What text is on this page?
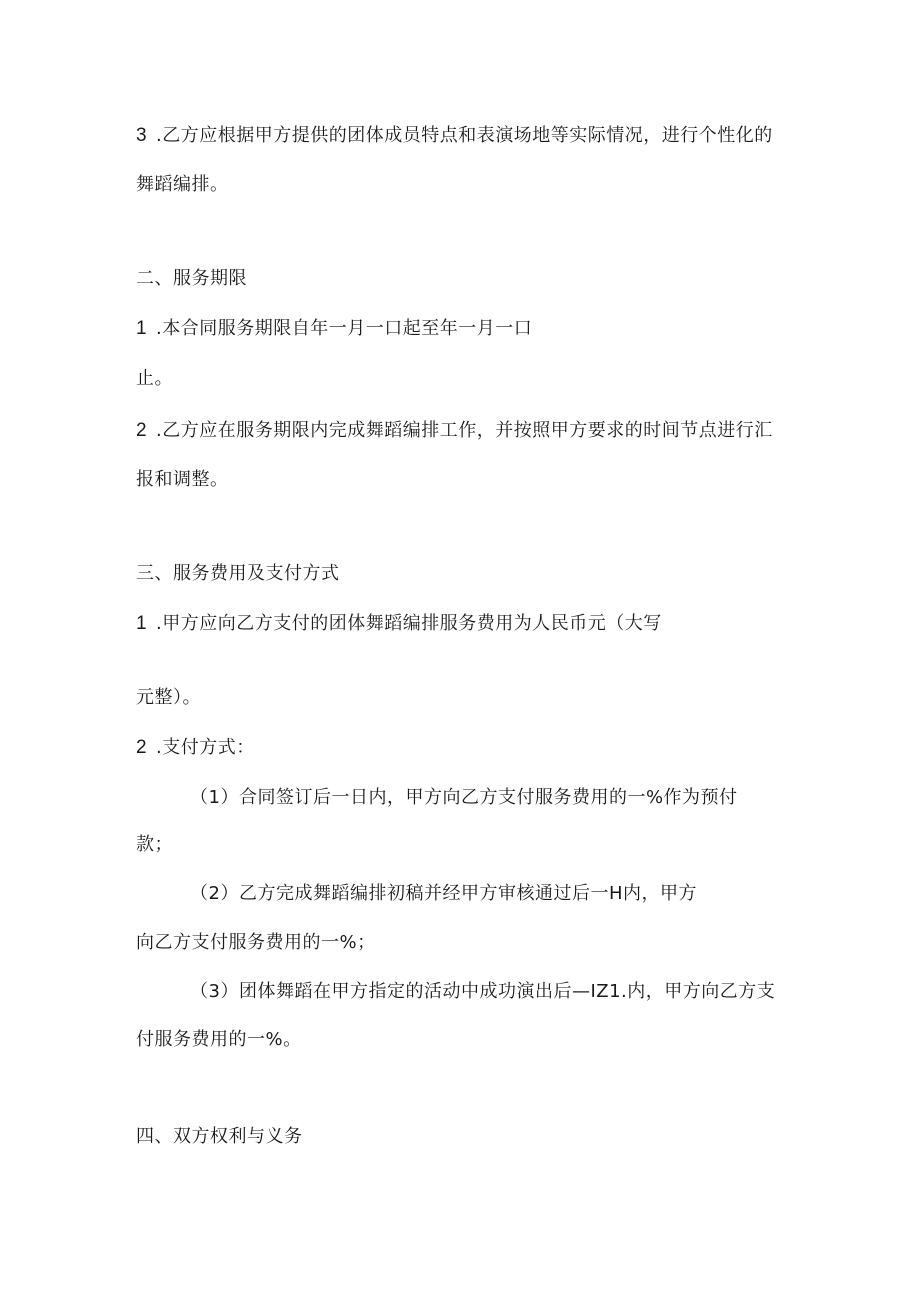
3 .乙方应根据甲方提供的团体成员特点和表演场地等实际情况，进行个性化的
舞蹈编排。
二、服务期限
1 .本合同服务期限自年一月一口起至年一月一口
止。
2 .乙方应在服务期限内完成舞蹈编排工作，并按照甲方要求的时间节点进行汇
报和调整。
三、服务费用及支付方式
1 .甲方应向乙方支付的团体舞蹈编排服务费用为人民币元（大写
元整）。
2 .支付方式：
（1）合同签订后一日内，甲方向乙方支付服务费用的一%作为预付
款；
（2）乙方完成舞蹈编排初稿并经甲方审核通过后一H内，甲方
向乙方支付服务费用的一%；
（3）团体舞蹈在甲方指定的活动中成功演出后—IZ1.内，甲方向乙方支
付服务费用的一%。
四、双方权利与义务
